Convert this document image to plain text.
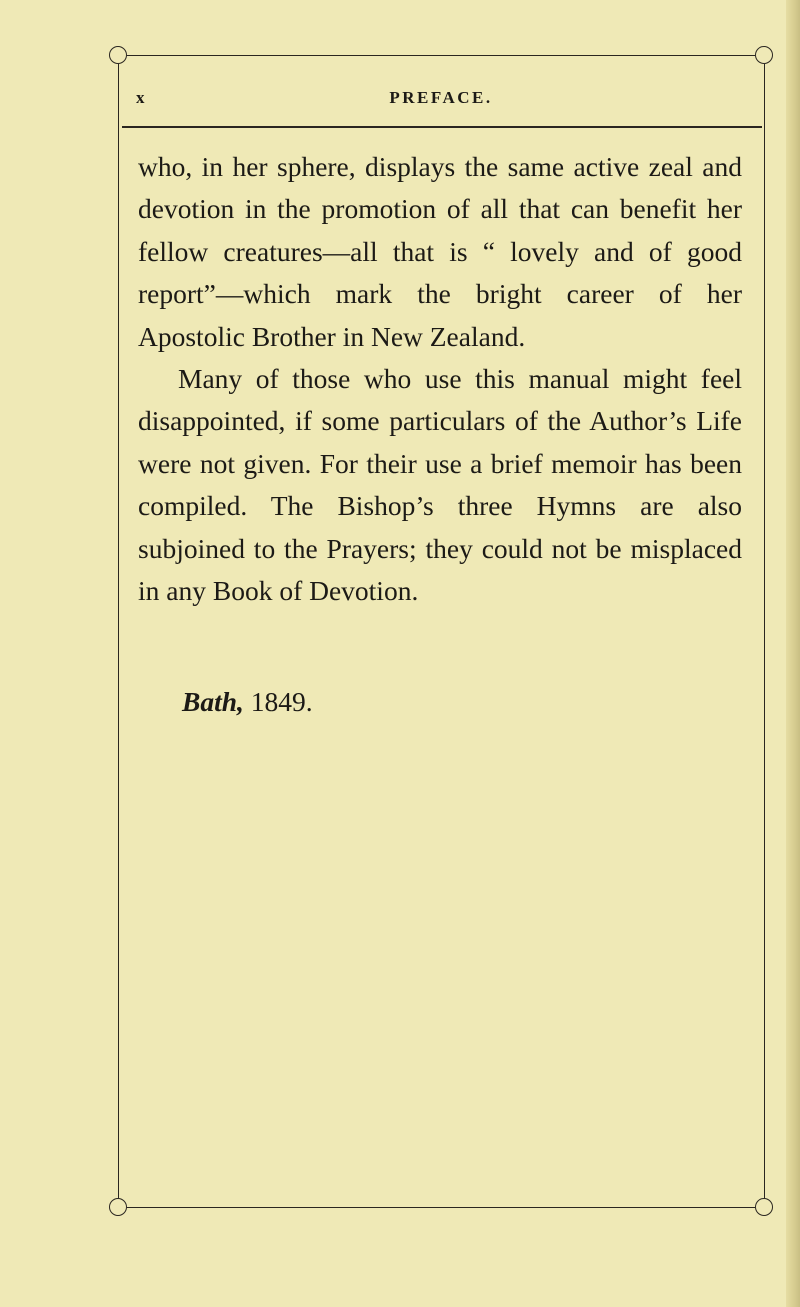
x	PREFACE.

who, in her sphere, displays the same active zeal and devotion in the promotion of all that can benefit her fellow creatures—all that is “ lovely and of good report”—which mark the bright career of her Apostolic Brother in New Zealand.

Many of those who use this manual might feel disappointed, if some particulars of the Author’s Life were not given. For their use a brief memoir has been compiled. The Bishop’s three Hymns are also subjoined to the Prayers; they could not be misplaced in any Book of Devotion.

Bath, 1849.
